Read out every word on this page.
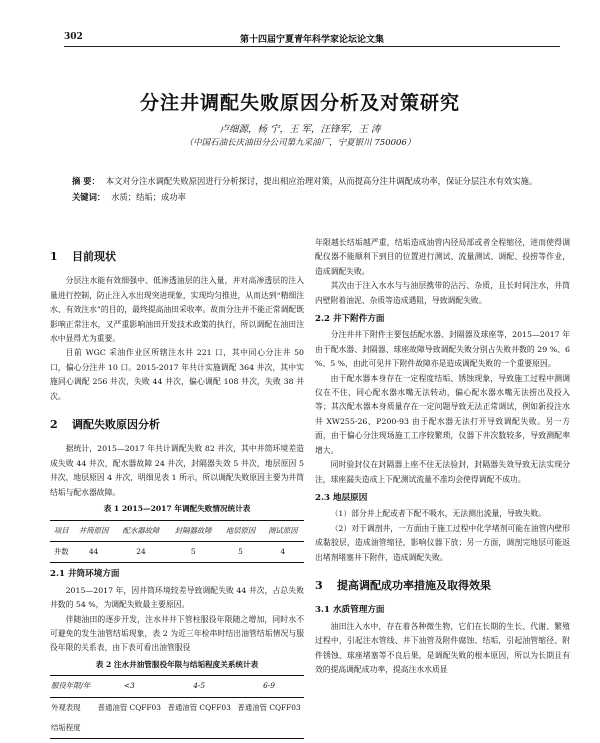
302	第十四届宁夏青年科学家论坛论文集
分注井调配失败原因分析及对策研究
卢细源，杨 宁，王 军，汪锋军，王 涛
（中国石油长庆油田分公司第九采油厂，宁夏银川 750006）
摘 要： 本文对分注水调配失败原因进行分析探讨，提出相应治理对策，从而提高分注井调配成功率，保证分层注水有效实施。
关键词： 水质；结垢；成功率
1 目前现状

分层注水能有效细强中、低渗透油层的注入量，并对高渗透层的注入量进行控制，防止注入水出现突进现象，实现均匀推进，从而达到“精细注水、有效注水”的目的，最终提高油田采收率。故而分注并不能正常调配既影响正常注水，又严重影响油田开发技术政策的执行，所以调配在油田注水中显得尤为重要。

目前 WGC 采油作业区所辖注水井 221 口，其中同心分注井 50 口，偏心分注井 10 口。2015-2017 年共计实施调配 364 井次，其中实施同心调配 256 井次，失败 44 井次，偏心调配 108 井次，失败 38 井次。

2 调配失败原因分析

据统计，2015—2017 年共计调配失败 82 井次，其中井筒环境差造成失败 44 井次，配水器故障 24 井次，封隔器失效 5 井次，地层原因 5 井次，地层原因 4 井次，明细见表 1 所示，所以调配失败原因主要为井筒结垢与配水器故障。

表 1 2015—2017 年调配失败情况统计表
项目	井筒原因	配水器故障	封隔器故障	地层原因	测试原因
井数	44	24	5	5	4
2.1 井筒环境方面

2015—2017 年，因井筒环境较差导致调配失败 44 井次，占总失败井数的 54 %，为调配失败最主要原因。

伴随油田的逐步开发，注水井井下管柱服役年限随之增加，同时水不可避免的发生油管结垢现象，表 2 为近三年检串时结出油管结垢情况与服役年限的关系表，由下表可看出油管服役

表 2 注水井油管服役年限与结垢程度关系统计表
服役年限/年	<3	4-5	6-9
外观表现	普通油管 CQFF03	普通油管 CQFF03	普通油管 CQFF03
结垢程度			

年限越长结垢越严重，结垢造成油管内径局部或者全程缩径，进而使得调配仪器不能顺利下到目的位置进行测试、流量测试、调配、投捞等作业，造成调配失败。

其次由于注入水水与与油层携带的沾污、杂质，且长时间注水，井筒内壁附着油泥、杂质等造成遇阻，导致调配失败。

2.2 井下附件方面

分注井井下附件主要包括配水器、封隔器及球座等，2015—2017 年由于配水器、封隔器、球座故障导致调配失败分别占失败井数的 29 %、6 %、5 %，由此可见井下附件故障亦是造成调配失败的一个重要原因。

由于配水器本身存在一定程度结垢、锈蚀现象，导致施工过程中测调仪在不住，同心配水器水嘴无法转动，偏心配水器水嘴无法捞出及投入等；其次配水器本身质量存在一定问题导致无法正常调试，例如新投注水井 XW255-26、P200-93 由于配水器无法打开导致调配失败。另一方面，由于偏心分注现场施工工序较繁琐，仪器下井次数较多，导致测配率增大。

同时验封仪在封隔器上座不住无法验封，封隔器失效导致无法实现分注，球座漏失造成上下配测试流量不准均会使得调配不成功。

2.3 地层原因

（1）部分井上配或者下配不吸水，无法测出流量，导致失败。

（2）对于调剖井，一方面由于施工过程中化学堵剂可能在油管内壁形成黏胶层，造成油管缩径，影响仪器下放；另一方面，调剖完地层可能返出堵剂堵塞井下附件，造成调配失败。

3 提高调配成功率措施及取得效果
3.1 水质管理方面

油田注入水中，存在着各种微生物，它们在长期的生长、代谢、繁殖过程中，引起注水管线、井下油管及附件腐蚀、结垢，引起油管缩径、附件锈蚀、球座堵塞等不良后果，是调配失败的根本原因，所以为长期且有效的提高调配成功率，提高注水水质显
